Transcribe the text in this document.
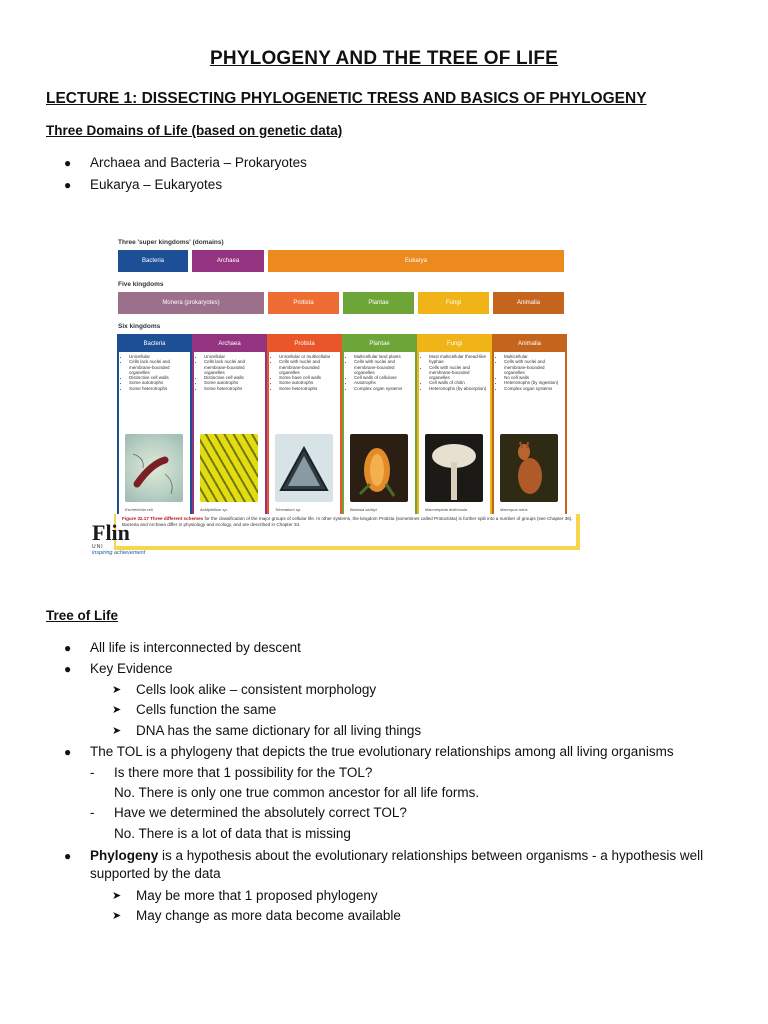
PHYLOGENY AND THE TREE OF LIFE
LECTURE 1: DISSECTING PHYLOGENETIC TRESS AND BASICS OF PHYLOGENY
Three Domains of Life (based on genetic data)
● Archaea and Bacteria – Prokaryotes
● Eukarya – Eukaryotes
Three 'super kingdoms' (domains)
Bacteria	Archaea	Eukarya
Five kingdoms
Monera (prokaryotes)	Protista	Plantae	Fungi	Animalia
Six kingdoms
Bacteria
• Unicellular
• Cells lack nuclei and membrane-bounded organelles
• Distinctive cell walls
• Some autotrophs
• Some heterotrophs
Escherichia coli
Archaea
• Unicellular
• Cells lack nuclei and membrane-bounded organelles
• Distinctive cell walls
• Some autotrophs
• Some heterotrophs
Acidiphilium sp.
Protista
• Unicellular or multicellular
• Cells with nuclei and membrane-bounded organelles
• Some have cell walls
• Some autotrophs
• Some heterotrophs
Triceratium sp.
Plantae
• Multicellular land plants
• Cells with nuclei and membrane-bounded organelles
• Cell walls of cellulose
• Autotrophs
• Complex organ systems
Banksia ashbyi
Fungi
• Most multicellular thread-like hyphae
• Cells with nuclei and membrane-bounded organelles
• Cell walls of chitin
• Heterotrophs (by absorption)
Macrolepiota dolichaula
Animalia
• Multicellular
• Cells with nuclei and membrane-bounded organelles
• No cell walls
• Heterotrophs (by ingestion)
• Complex organ systems
Macropus rufus
Figure 32.17 Three different schemes for the classification of the major groups of cellular life. In other systems, the kingdom Protista (sometimes called Protoctista) is further split into a number of groups (see Chapter 36). Bacteria and Archaea differ in physiology and ecology, and are described in Chapter 34.
Flin
UNI
inspiring achievement
Tree of Life
● All life is interconnected by descent
● Key Evidence
➤ Cells look alike – consistent morphology
➤ Cells function the same
➤ DNA has the same dictionary for all living things
● The TOL is a phylogeny that depicts the true evolutionary relationships among all living organisms
- Is there more that 1 possibility for the TOL?
No. There is only one true common ancestor for all life forms.
- Have we determined the absolutely correct TOL?
No. There is a lot of data that is missing
● Phylogeny is a hypothesis about the evolutionary relationships between organisms - a hypothesis well supported by the data
➤ May be more that 1 proposed phylogeny
➤ May change as more data become available
